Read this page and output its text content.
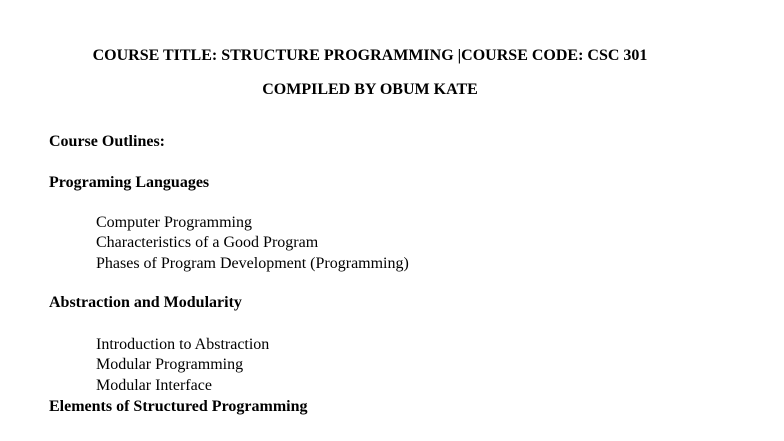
COURSE TITLE: STRUCTURE PROGRAMMING |COURSE CODE: CSC 301
COMPILED BY OBUM KATE
Course Outlines:
Programing Languages
Computer Programming
Characteristics of a Good Program
Phases of Program Development (Programming)
Abstraction and Modularity
Introduction to Abstraction
Modular Programming
Modular Interface
Elements of Structured Programming
